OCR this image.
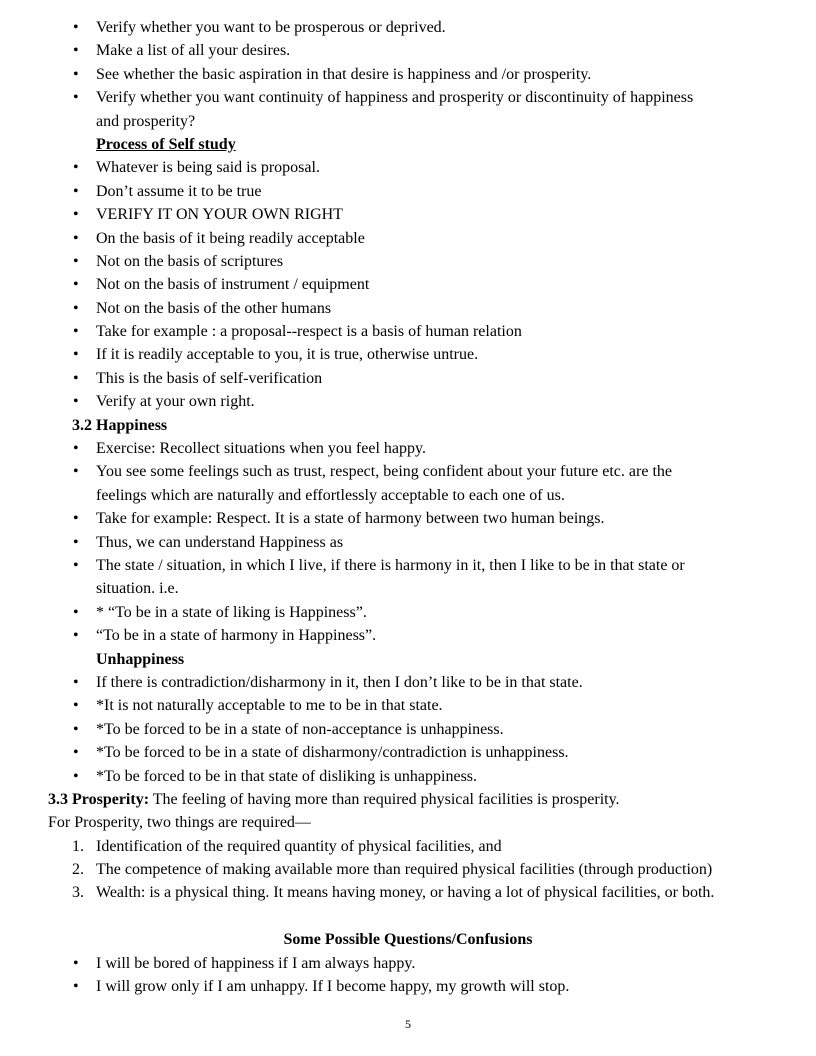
• Verify whether you want to be prosperous or deprived.
• Make a list of all your desires.
• See whether the basic aspiration in that desire is happiness and /or prosperity.
• Verify whether you want continuity of happiness and prosperity or discontinuity of happiness
and prosperity?
Process of Self study
• Whatever is being said is proposal.
• Don’t assume it to be true
• VERIFY IT ON YOUR OWN RIGHT
• On the basis of it being readily acceptable
• Not on the basis of scriptures
• Not on the basis of instrument / equipment
• Not on the basis of the other humans
• Take for example : a proposal--respect is a basis of human relation
• If it is readily acceptable to you, it is true, otherwise untrue.
• This is the basis of self-verification
• Verify at your own right.
3.2 Happiness
• Exercise: Recollect situations when you feel happy.
• You see some feelings such as trust, respect, being confident about your future etc. are the
feelings which are naturally and effortlessly acceptable to each one of us.
• Take for example: Respect. It is a state of harmony between two human beings.
• Thus, we can understand Happiness as
• The state / situation, in which I live, if there is harmony in it, then I like to be in that state or
situation. i.e.
• * “To be in a state of liking is Happiness”.
• “To be in a state of harmony in Happiness”.
Unhappiness
• If there is contradiction/disharmony in it, then I don’t like to be in that state.
• *It is not naturally acceptable to me to be in that state.
• *To be forced to be in a state of non-acceptance is unhappiness.
• *To be forced to be in a state of disharmony/contradiction is unhappiness.
• *To be forced to be in that state of disliking is unhappiness.
3.3 Prosperity: The feeling of having more than required physical facilities is prosperity.
For Prosperity, two things are required—
1. Identification of the required quantity of physical facilities, and
2. The competence of making available more than required physical facilities (through production)
3. Wealth: is a physical thing. It means having money, or having a lot of physical facilities, or both.
Some Possible Questions/Confusions
• I will be bored of happiness if I am always happy.
• I will grow only if I am unhappy. If I become happy, my growth will stop.
5
